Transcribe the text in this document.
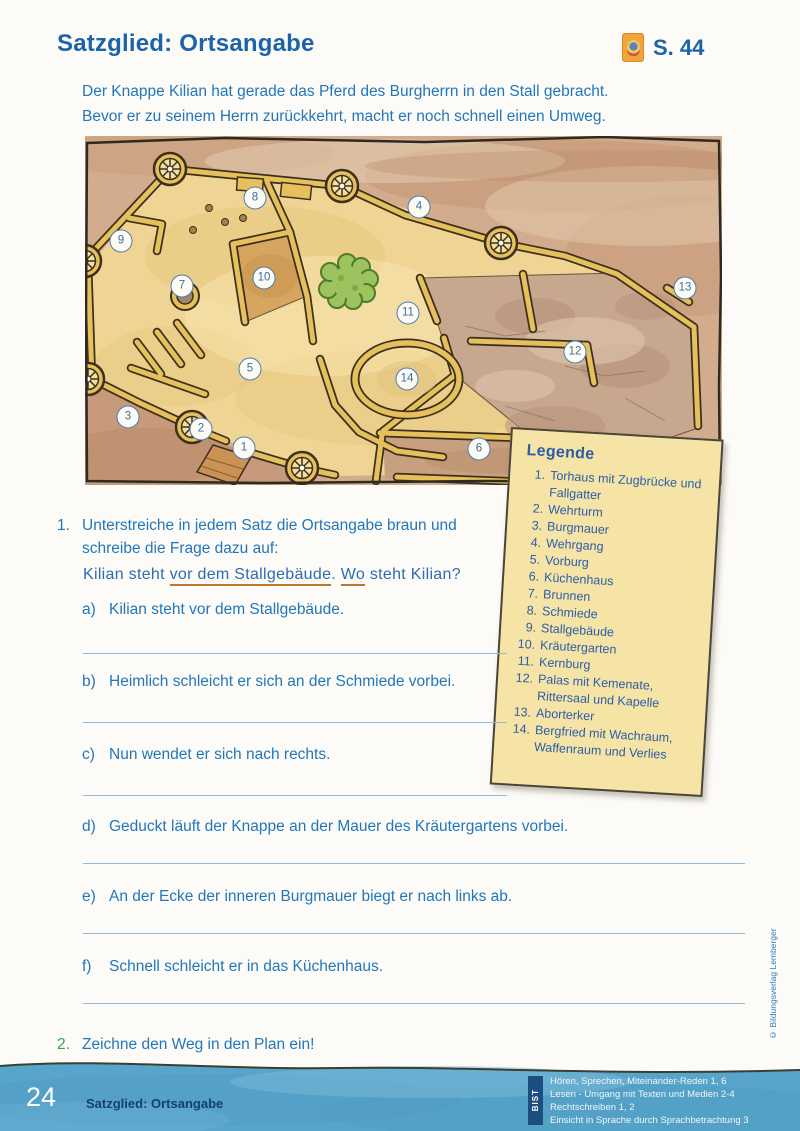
Satzglied: Ortsangabe	S. 44
Der Knappe Kilian hat gerade das Pferd des Burgherrn in den Stall gebracht.
Bevor er zu seinem Herrn zurückkehrt, macht er noch schnell einen Umweg.
1
2
3
4
5
6
7
8
9
10
11
12
13
14
Legende
1. Torhaus mit Zugbrücke und Fallgatter
2. Wehrturm
3. Burgmauer
4. Wehrgang
5. Vorburg
6. Küchenhaus
7. Brunnen
8. Schmiede
9. Stallgebäude
10. Kräutergarten
11. Kernburg
12. Palas mit Kemenate, Rittersaal und Kapelle
13. Aborterker
14. Bergfried mit Wachraum, Waffenraum und Verlies
1. Unterstreiche in jedem Satz die Ortsangabe braun und
schreibe die Frage dazu auf:
Kilian steht vor dem Stallgebäude. Wo steht Kilian?
a) Kilian steht vor dem Stallgebäude.
b) Heimlich schleicht er sich an der Schmiede vorbei.
c) Nun wendet er sich nach rechts.
d) Geduckt läuft der Knappe an der Mauer des Kräutergartens vorbei.
e) An der Ecke der inneren Burgmauer biegt er nach links ab.
f)	Schnell schleicht er in das Küchenhaus.
2. Zeichne den Weg in den Plan ein!
24 Satzglied: Ortsangabe	BIST
Hören, Sprechen, Miteinander-Reden 1, 6
Lesen - Umgang mit Texten und Medien 2-4
Rechtschreiben 1, 2
Einsicht in Sprache durch Sprachbetrachtung 3
© Bildungsverlag Lemberger
